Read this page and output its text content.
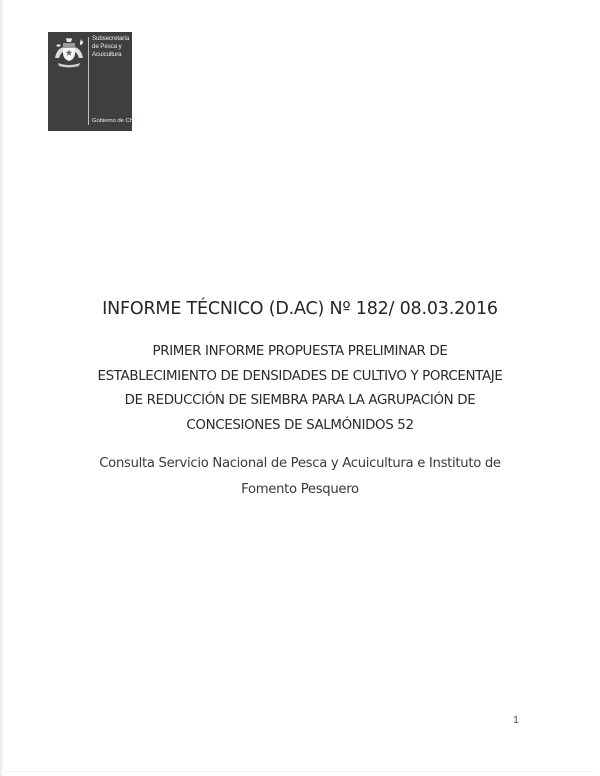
Subsecretaría
de Pesca y
Acuicultura
Gobierno de Chile
INFORME TÉCNICO (D.AC) Nº 182/ 08.03.2016
PRIMER INFORME PROPUESTA PRELIMINAR DE
ESTABLECIMIENTO DE DENSIDADES DE CULTIVO Y PORCENTAJE
DE REDUCCIÓN DE SIEMBRA PARA LA AGRUPACIÓN DE
CONCESIONES DE SALMÓNIDOS 52
Consulta Servicio Nacional de Pesca y Acuicultura e Instituto de
Fomento Pesquero
1
